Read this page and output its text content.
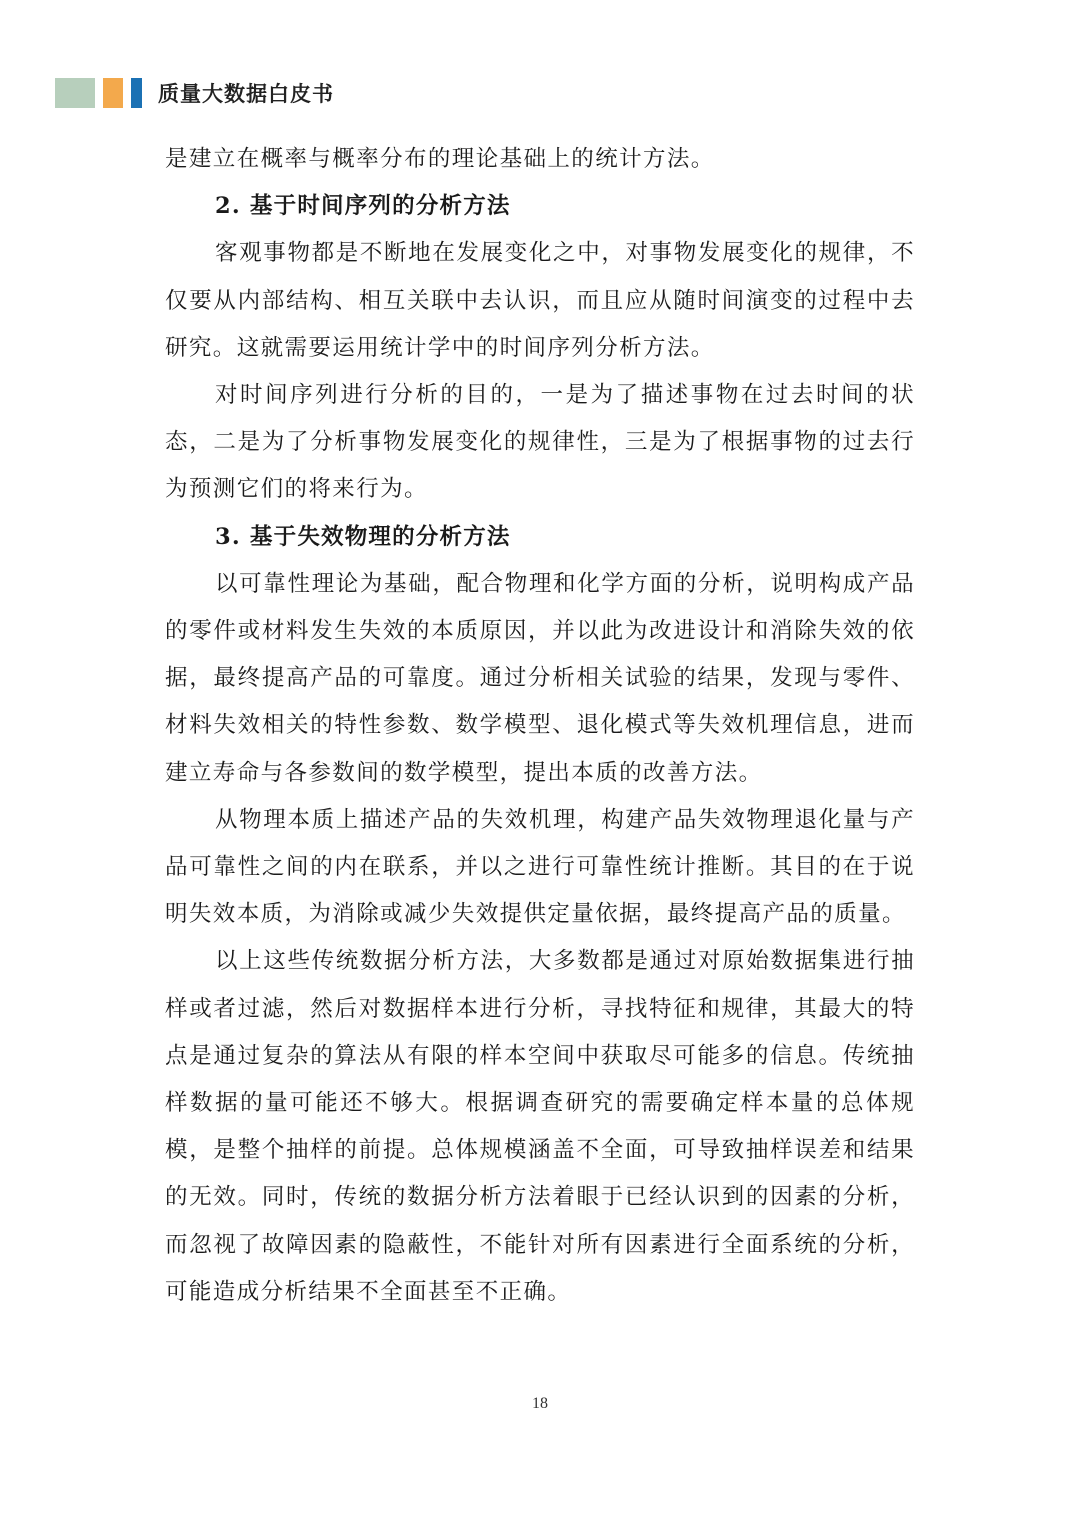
质量大数据白皮书

是建立在概率与概率分布的理论基础上的统计方法。

2. 基于时间序列的分析方法

客观事物都是不断地在发展变化之中，对事物发展变化的规律，不仅要从内部结构、相互关联中去认识，而且应从随时间演变的过程中去研究。这就需要运用统计学中的时间序列分析方法。

对时间序列进行分析的目的，一是为了描述事物在过去时间的状态，二是为了分析事物发展变化的规律性，三是为了根据事物的过去行为预测它们的将来行为。

3. 基于失效物理的分析方法

以可靠性理论为基础，配合物理和化学方面的分析，说明构成产品的零件或材料发生失效的本质原因，并以此为改进设计和消除失效的依据，最终提高产品的可靠度。通过分析相关试验的结果，发现与零件、材料失效相关的特性参数、数学模型、退化模式等失效机理信息，进而建立寿命与各参数间的数学模型，提出本质的改善方法。

从物理本质上描述产品的失效机理，构建产品失效物理退化量与产品可靠性之间的内在联系，并以之进行可靠性统计推断。其目的在于说明失效本质，为消除或减少失效提供定量依据，最终提高产品的质量。

以上这些传统数据分析方法，大多数都是通过对原始数据集进行抽样或者过滤，然后对数据样本进行分析，寻找特征和规律，其最大的特点是通过复杂的算法从有限的样本空间中获取尽可能多的信息。传统抽样数据的量可能还不够大。根据调查研究的需要确定样本量的总体规模，是整个抽样的前提。总体规模涵盖不全面，可导致抽样误差和结果的无效。同时，传统的数据分析方法着眼于已经认识到的因素的分析，而忽视了故障因素的隐蔽性，不能针对所有因素进行全面系统的分析，可能造成分析结果不全面甚至不正确。

18
